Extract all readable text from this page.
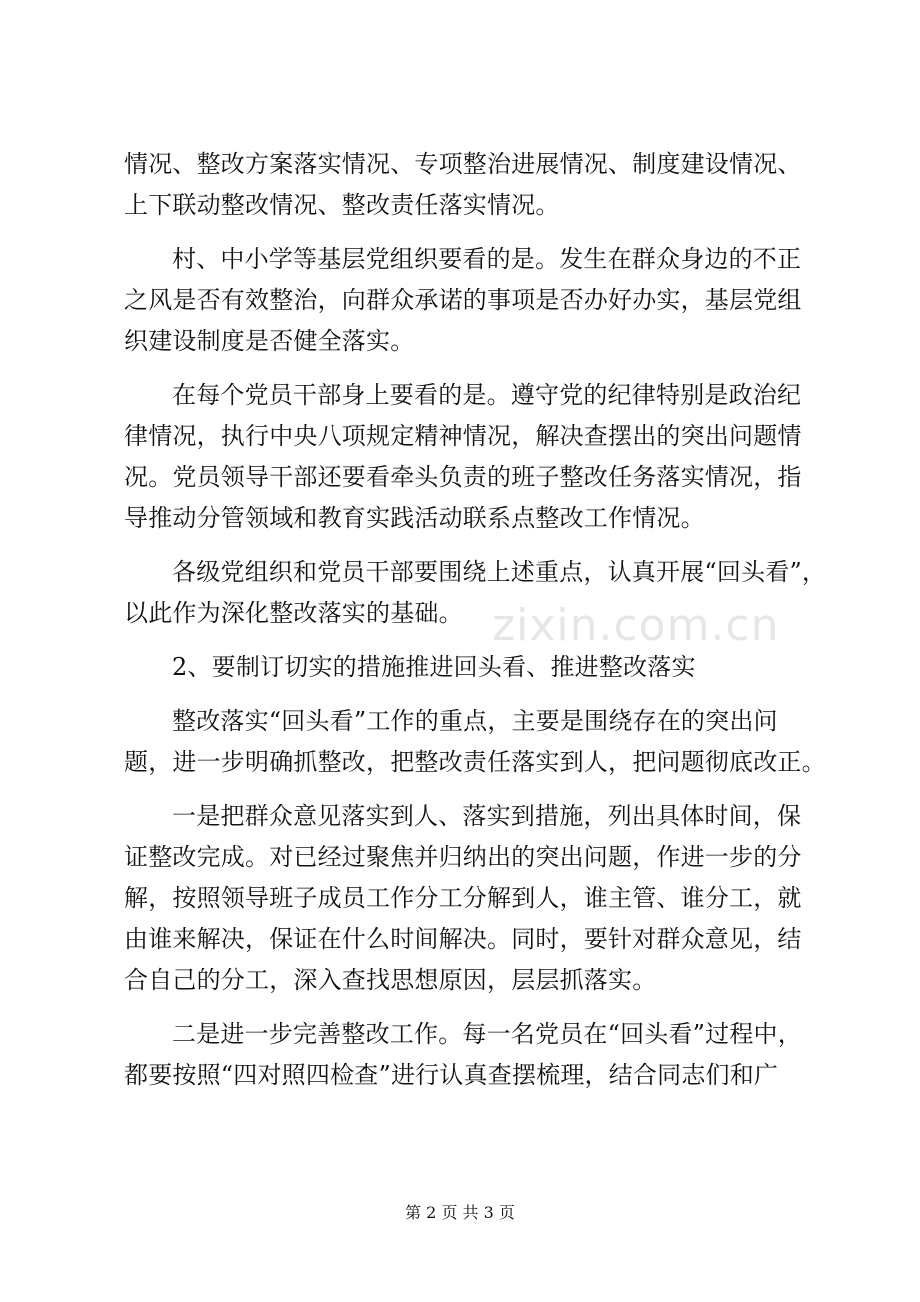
情况、整改方案落实情况、专项整治进展情况、制度建设情况、
上下联动整改情况、整改责任落实情况。

村、中小学等基层党组织要看的是。发生在群众身边的不正
之风是否有效整治，向群众承诺的事项是否办好办实，基层党组
织建设制度是否健全落实。

在每个党员干部身上要看的是。遵守党的纪律特别是政治纪
律情况，执行中央八项规定精神情况，解决查摆出的突出问题情
况。党员领导干部还要看牵头负责的班子整改任务落实情况，指
导推动分管领域和教育实践活动联系点整改工作情况。

各级党组织和党员干部要围绕上述重点，认真开展“回头看”，
以此作为深化整改落实的基础。

2、要制订切实的措施推进回头看、推进整改落实

整改落实“回头看”工作的重点，主要是围绕存在的突出问
题，进一步明确抓整改，把整改责任落实到人，把问题彻底改正。

一是把群众意见落实到人、落实到措施，列出具体时间，保
证整改完成。对已经过聚焦并归纳出的突出问题，作进一步的分
解，按照领导班子成员工作分工分解到人，谁主管、谁分工，就
由谁来解决，保证在什么时间解决。同时，要针对群众意见，结
合自己的分工，深入查找思想原因，层层抓落实。

二是进一步完善整改工作。每一名党员在“回头看”过程中，
都要按照“四对照四检查”进行认真查摆梳理，结合同志们和广

zixin.com.cn
第 2 页 共 3 页
